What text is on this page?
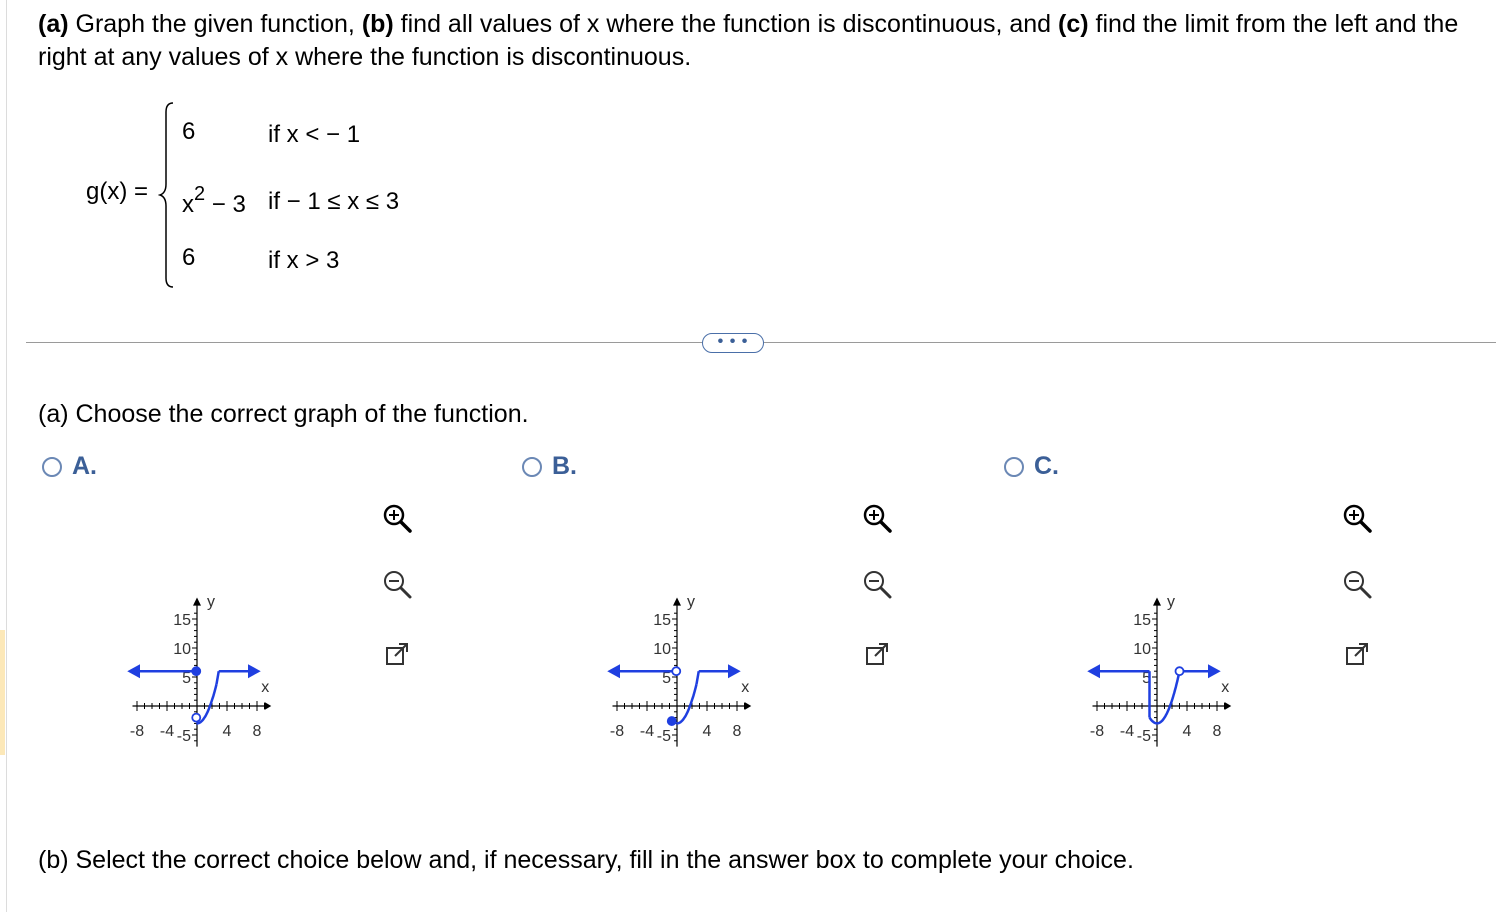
(a) Graph the given function, (b) find all values of x where the function is discontinuous, and (c) find the limit from the left and the right at any values of x where the function is discontinuous.
g(x) =
6	if x < − 1
$x^2 - 3$ if − 1 ≤ x ≤ 3
6	if x > 3
• • •
(a) Choose the correct graph of the function.
A.	B.	C.
-8 -4	4 8
15
10
5
-5
x
y
-8 -4	4 8
15
10
5
-5
x
y
-8 -4	4 8
15
10
5
-5
x
y
(b) Select the correct choice below and, if necessary, fill in the answer box to complete your choice.
